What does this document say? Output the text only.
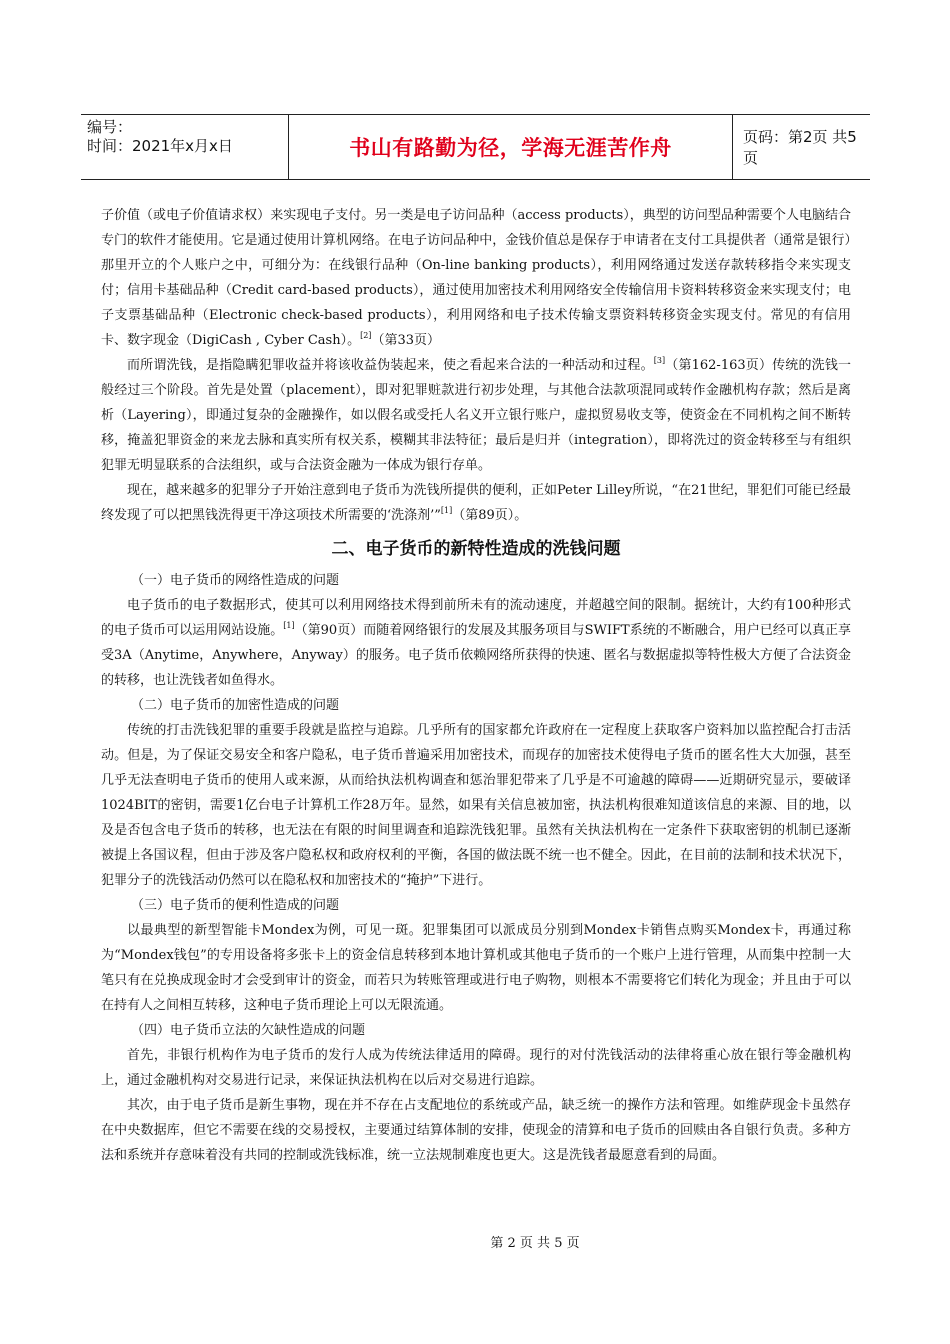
编号：
时间：2021年x月x日	书山有路勤为径，学海无涯苦作舟	页码：第2页 共5页

子价值（或电子价值请求权）来实现电子支付。另一类是电子访问品种（access products），典型的访问型品种需要个人电脑结合专门的软件才能使用。它是通过使用计算机网络。在电子访问品种中，金钱价值总是保存于申请者在支付工具提供者（通常是银行）那里开立的个人账户之中，可细分为：在线银行品种（On-line banking products），利用网络通过发送存款转移指令来实现支付；信用卡基础品种（Credit card-based products），通过使用加密技术利用网络安全传输信用卡资料转移资金来实现支付；电子支票基础品种（Electronic check-based products），利用网络和电子技术传输支票资料转移资金实现支付。常见的有信用卡、数字现金（DigiCash , Cyber Cash）。[2]（第33页）

而所谓洗钱，是指隐瞒犯罪收益并将该收益伪装起来，使之看起来合法的一种活动和过程。[3]（第162-163页）传统的洗钱一般经过三个阶段。首先是处置（placement），即对犯罪赃款进行初步处理，与其他合法款项混同或转作金融机构存款；然后是离析（Layering），即通过复杂的金融操作，如以假名或受托人名义开立银行账户，虚拟贸易收支等，使资金在不同机构之间不断转移，掩盖犯罪资金的来龙去脉和真实所有权关系，模糊其非法特征；最后是归并（integration），即将洗过的资金转移至与有组织犯罪无明显联系的合法组织，或与合法资金融为一体成为银行存单。

现在，越来越多的犯罪分子开始注意到电子货币为洗钱所提供的便利，正如Peter Lilley所说，“在21世纪，罪犯们可能已经最终发现了可以把黑钱洗得更干净这项技术所需要的‘洗涤剂’”[1]（第89页）。

二、电子货币的新特性造成的洗钱问题

（一）电子货币的网络性造成的问题

电子货币的电子数据形式，使其可以利用网络技术得到前所未有的流动速度，并超越空间的限制。据统计，大约有100种形式的电子货币可以运用网站设施。[1]（第90页）而随着网络银行的发展及其服务项目与SWIFT系统的不断融合，用户已经可以真正享受3A（Anytime，Anywhere，Anyway）的服务。电子货币依赖网络所获得的快速、匿名与数据虚拟等特性极大方便了合法资金的转移，也让洗钱者如鱼得水。

（二）电子货币的加密性造成的问题

传统的打击洗钱犯罪的重要手段就是监控与追踪。几乎所有的国家都允许政府在一定程度上获取客户资料加以监控配合打击活动。但是，为了保证交易安全和客户隐私，电子货币普遍采用加密技术，而现存的加密技术使得电子货币的匿名性大大加强，甚至几乎无法查明电子货币的使用人或来源，从而给执法机构调查和惩治罪犯带来了几乎是不可逾越的障碍——近期研究显示，要破译1024BIT的密钥，需要1亿台电子计算机工作28万年。显然，如果有关信息被加密，执法机构很难知道该信息的来源、目的地，以及是否包含电子货币的转移，也无法在有限的时间里调查和追踪洗钱犯罪。虽然有关执法机构在一定条件下获取密钥的机制已逐渐被提上各国议程，但由于涉及客户隐私权和政府权利的平衡，各国的做法既不统一也不健全。因此，在目前的法制和技术状况下，犯罪分子的洗钱活动仍然可以在隐私权和加密技术的“掩护”下进行。

（三）电子货币的便利性造成的问题

以最典型的新型智能卡Mondex为例，可见一斑。犯罪集团可以派成员分别到Mondex卡销售点购买Mondex卡，再通过称为“Mondex钱包”的专用设备将多张卡上的资金信息转移到本地计算机或其他电子货币的一个账户上进行管理，从而集中控制一大笔只有在兑换成现金时才会受到审计的资金，而若只为转账管理或进行电子购物，则根本不需要将它们转化为现金；并且由于可以在持有人之间相互转移，这种电子货币理论上可以无限流通。

（四）电子货币立法的欠缺性造成的问题

首先，非银行机构作为电子货币的发行人成为传统法律适用的障碍。现行的对付洗钱活动的法律将重心放在银行等金融机构上，通过金融机构对交易进行记录，来保证执法机构在以后对交易进行追踪。

其次，由于电子货币是新生事物，现在并不存在占支配地位的系统或产品，缺乏统一的操作方法和管理。如维萨现金卡虽然存在中央数据库，但它不需要在线的交易授权，主要通过结算体制的安排，使现金的清算和电子货币的回赎由各自银行负责。多种方法和系统并存意味着没有共同的控制或洗钱标准，统一立法规制难度也更大。这是洗钱者最愿意看到的局面。

第 2 页 共 5 页
